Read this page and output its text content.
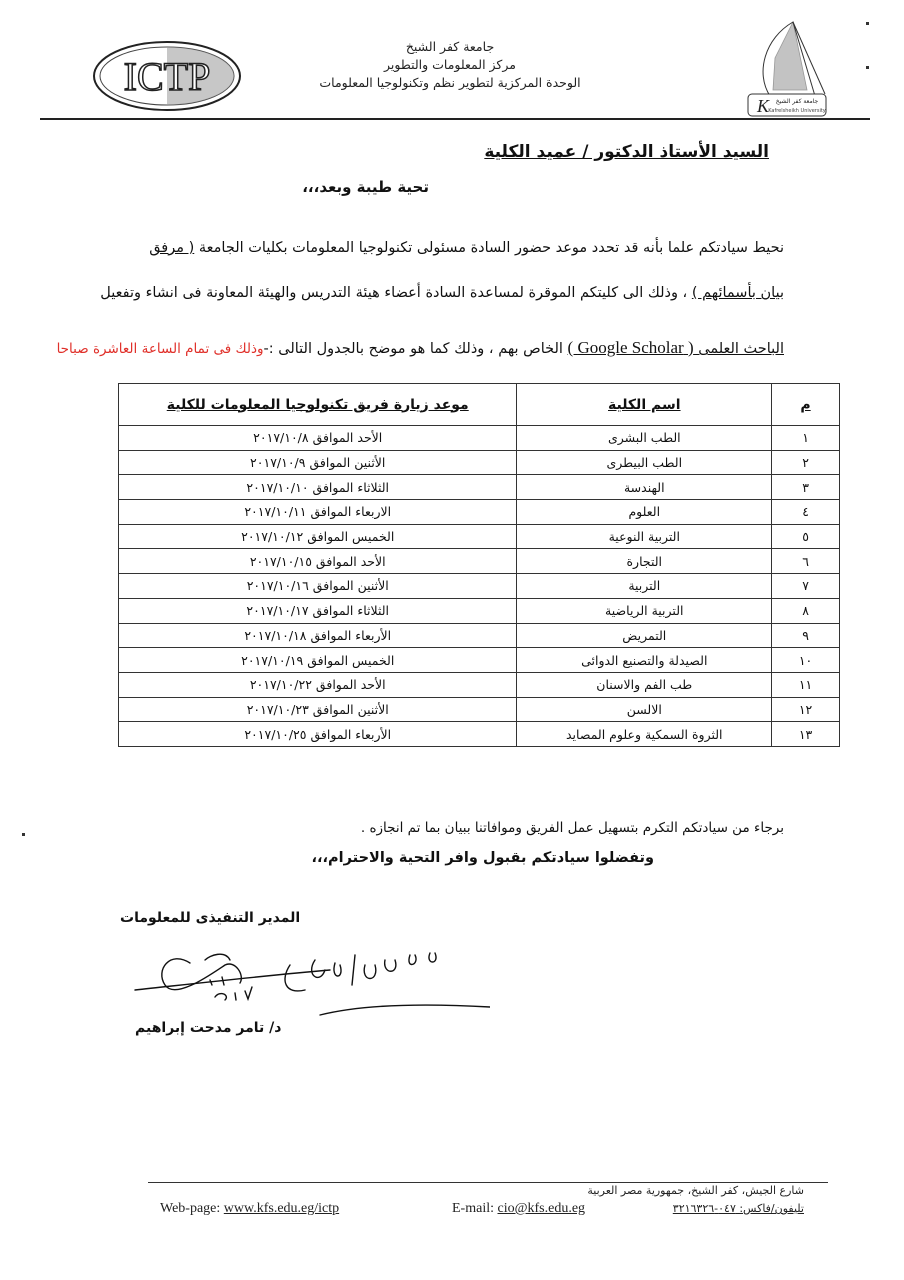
ICTP
جامعة كفر الشيخ
مركز المعلومات والتطوير
الوحدة المركزية لتطوير نظم وتكنولوجيا المعلومات
K جامعة كفر الشيخ
Kafrelsheikh University
السيد الأستاذ الدكتور / عميد الكلية
تحية طيبة وبعد،،،
نحيط سيادتكم علما بأنه قد تحدد موعد حضور السادة مسئولى تكنولوجيا المعلومات بكليات الجامعة ( مرفق
بيان بأسمائهم ) ، وذلك الى كليتكم الموقرة لمساعدة السادة أعضاء هيئة التدريس والهيئة المعاونة فى انشاء وتفعيل
الباحث العلمى ( Google Scholar ) الخاص بهم ، وذلك كما هو موضح بالجدول التالى :-وذلك فى تمام الساعة العاشرة صباحا
م	اسم الكلية	موعد زيارة فريق تكنولوجيا المعلومات للكلية
١	الطب البشرى	الأحد الموافق ٢٠١٧/١٠/٨
٢	الطب البيطرى	الأثنين الموافق ٢٠١٧/١٠/٩
٣	الهندسة	الثلاثاء الموافق ٢٠١٧/١٠/١٠
٤	العلوم	الاربعاء الموافق ٢٠١٧/١٠/١١
٥	التربية النوعية	الخميس الموافق ٢٠١٧/١٠/١٢
٦	التجارة	الأحد الموافق ٢٠١٧/١٠/١٥
٧	التربية	الأثنين الموافق ٢٠١٧/١٠/١٦
٨	التربية الرياضية	الثلاثاء الموافق ٢٠١٧/١٠/١٧
٩	التمريض	الأربعاء الموافق ٢٠١٧/١٠/١٨
١٠	الصيدلة والتصنيع الدوائى	الخميس الموافق ٢٠١٧/١٠/١٩
١١	طب الفم والاسنان	الأحد الموافق ٢٠١٧/١٠/٢٢
١٢	الالسن	الأثنين الموافق ٢٠١٧/١٠/٢٣
١٣	الثروة السمكية وعلوم المصايد	الأربعاء الموافق ٢٠١٧/١٠/٢٥
برجاء من سيادتكم التكرم بتسهيل عمل الفريق وموافاتنا ببيان بما تم انجازه .
وتفضلوا سيادتكم بقبول وافر التحية والاحترام،،،
المدير التنفيذى للمعلومات
مع خالص تحياتى
د/ تامر مدحت إبراهيم
شارع الجيش، كفر الشيخ، جمهورية مصر العربية
تليفون/فاكس: ٠٤٧-٣٢١٦٣٢٦
Web-page: www.kfs.edu.eg/ictp	E-mail: cio@kfs.edu.eg
